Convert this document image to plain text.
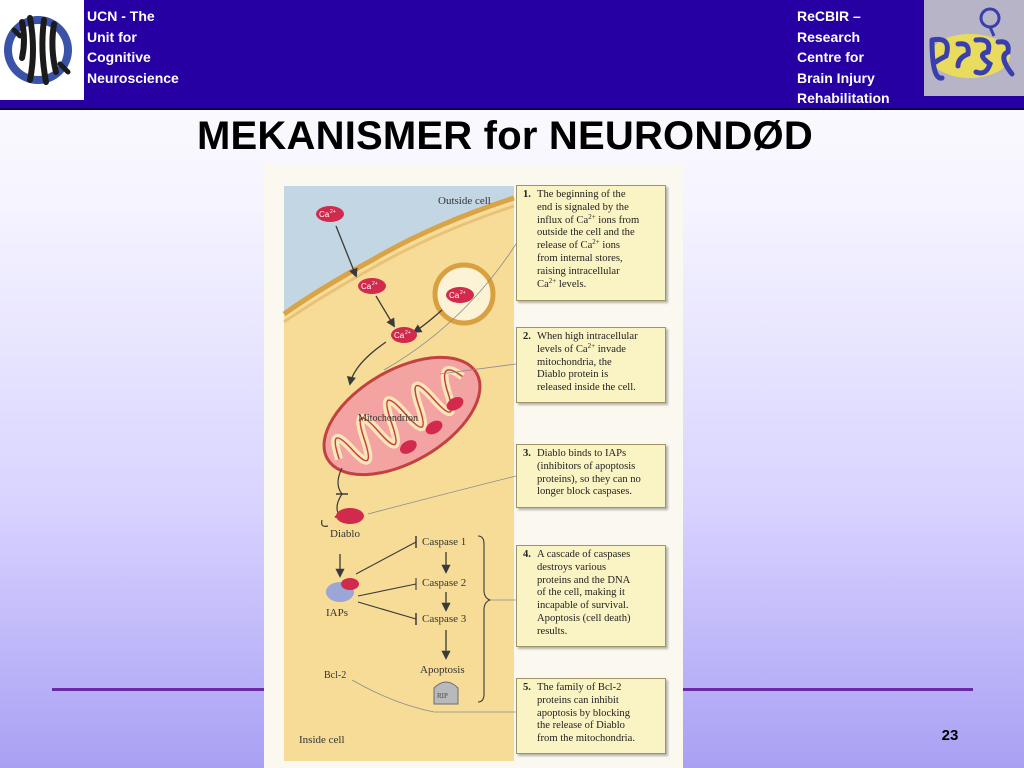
UCN - The
Unit for
Cognitive
Neuroscience
ReCBIR –
Research
Centre for
Brain Injury
Rehabilitation
MEKANISMER for NEURONDØD
Outside cell
Ca 2+
Ca 2+
Ca 2+
Ca 2+
Mitochondrion
Diablo
IAPs
Caspase 1
Caspase 2
Caspase 3
Apoptosis
RIP
Bcl-2
Inside cell
1. The beginning of the
end is signaled by the
influx of $Ca^{2+}$ ions from
outside the cell and the
release of $Ca^{2+}$ ions
from internal stores,
raising intracellular
$Ca^{2+}$ levels.
2. When high intracellular
levels of $Ca^{2+}$ invade
mitochondria, the
Diablo protein is
released inside the cell.
3. Diablo binds to IAPs
(inhibitors of apoptosis
proteins), so they can no
longer block caspases.
4. A cascade of caspases
destroys various
proteins and the DNA
of the cell, making it
incapable of survival.
Apoptosis (cell death)
results.
5. The family of Bcl-2
proteins can inhibit
apoptosis by blocking
the release of Diablo
from the mitochondria.	23
